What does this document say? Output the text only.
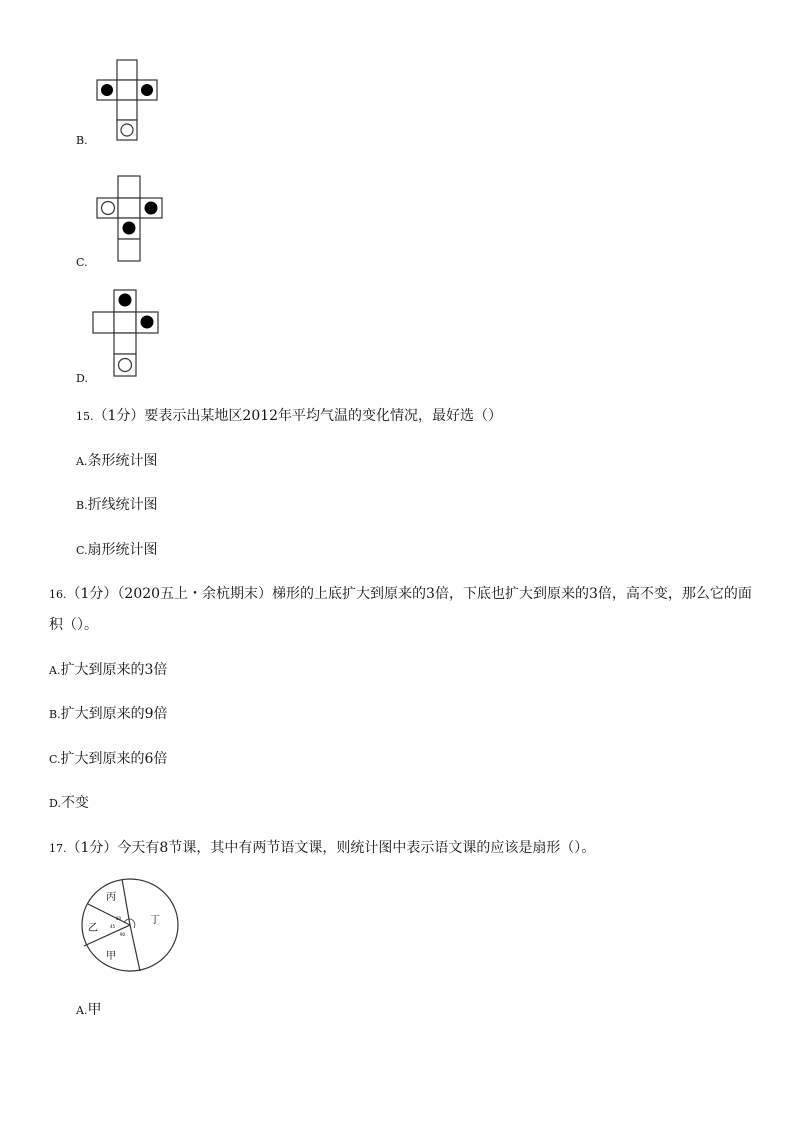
B.
C.
D.
15.（1分）要表示出某地区2012年平均气温的变化情况，最好选（）
A.条形统计图
B.折线统计图
C.扇形统计图
16.（1分）（2020五上・余杭期末）梯形的上底扩大到原来的3倍，下底也扩大到原来的3倍，高不变，那么它的面
积（）。
A.扩大到原来的3倍
B.扩大到原来的9倍
C.扩大到原来的6倍
D.不变
17.（1分）今天有8节课，其中有两节语文课，则统计图中表示语文课的应该是扇形（）。
丙
乙
甲
丁
60
45
90
A.甲
